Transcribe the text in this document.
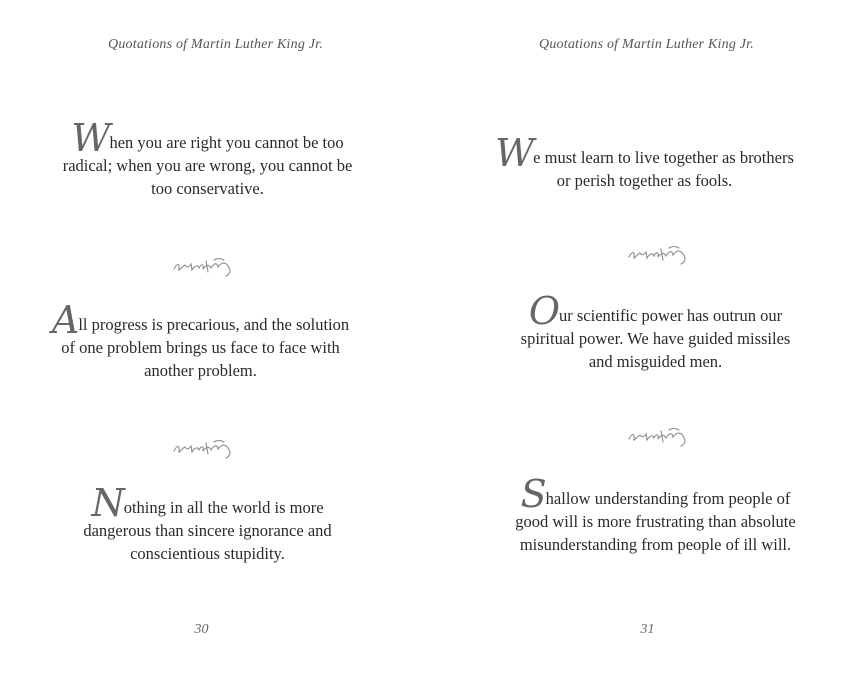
Quotations of Martin Luther King Jr.
When you are right you cannot be too
radical; when you are wrong, you cannot be
too conservative.
All progress is precarious, and the solution
of one problem brings us face to face with
another problem.
Nothing in all the world is more
dangerous than sincere ignorance and
conscientious stupidity.
30
Quotations of Martin Luther King Jr.
We must learn to live together as brothers
or perish together as fools.
Our scientific power has outrun our
spiritual power. We have guided missiles
and misguided men.
Shallow understanding from people of
good will is more frustrating than absolute
misunderstanding from people of ill will.
31
